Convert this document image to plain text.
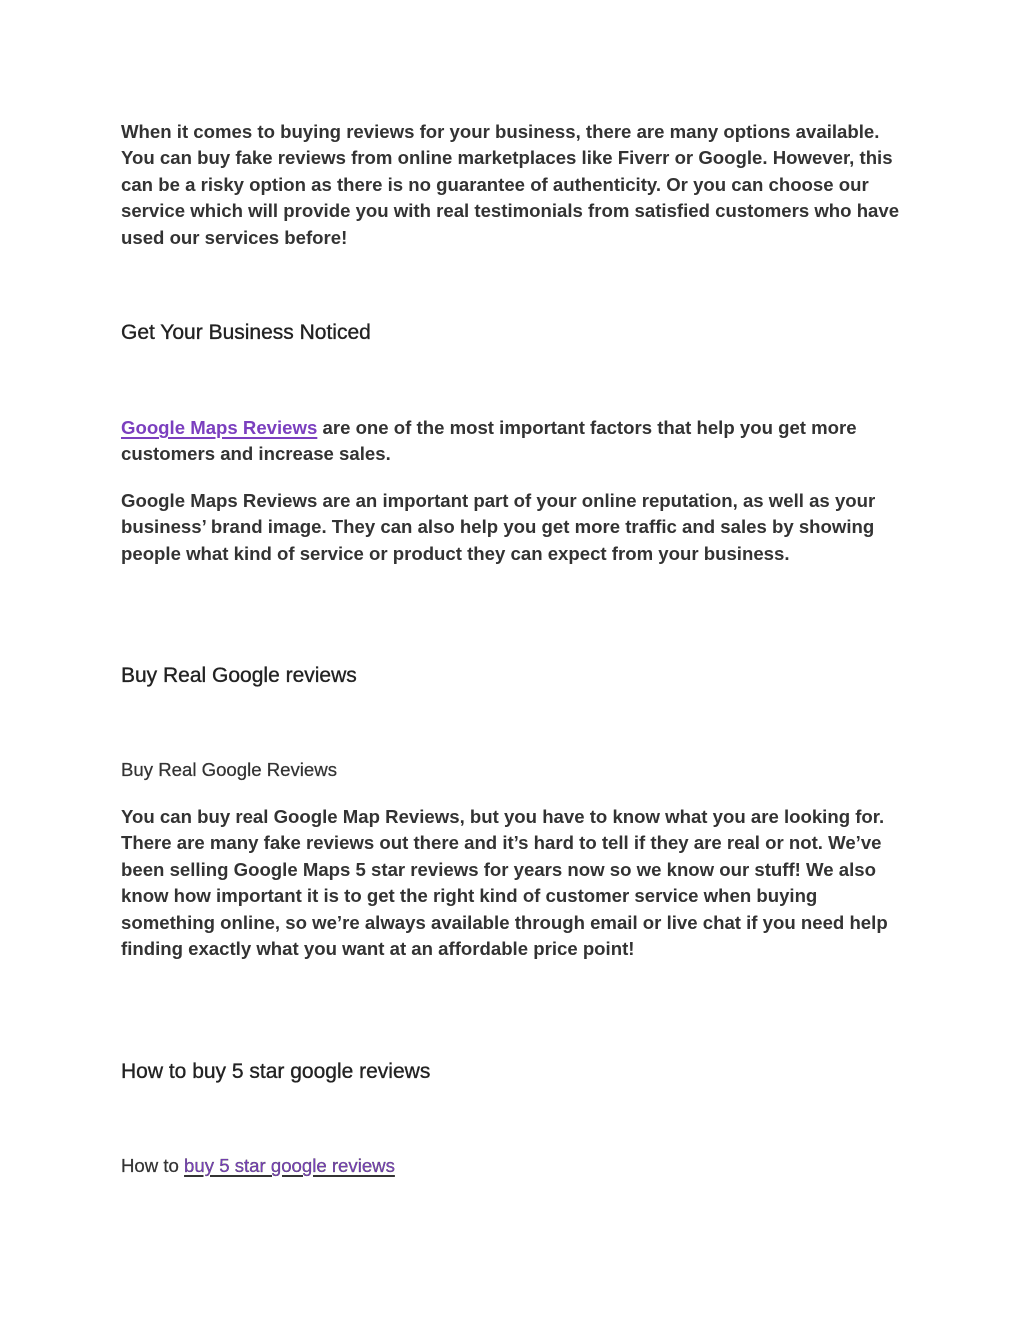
When it comes to buying reviews for your business, there are many options available. You can buy fake reviews from online marketplaces like Fiverr or Google. However, this can be a risky option as there is no guarantee of authenticity. Or you can choose our service which will provide you with real testimonials from satisfied customers who have used our services before!

Get Your Business Noticed

Google Maps Reviews are one of the most important factors that help you get more customers and increase sales.

Google Maps Reviews are an important part of your online reputation, as well as your business’ brand image. They can also help you get more traffic and sales by showing people what kind of service or product they can expect from your business.

Buy Real Google reviews
Buy Real Google Reviews

You can buy real Google Map Reviews, but you have to know what you are looking for. There are many fake reviews out there and it’s hard to tell if they are real or not. We’ve been selling Google Maps 5 star reviews for years now so we know our stuff! We also know how important it is to get the right kind of customer service when buying something online, so we’re always available through email or live chat if you need help finding exactly what you want at an affordable price point!

How to buy 5 star google reviews
How to buy 5 star google reviews
